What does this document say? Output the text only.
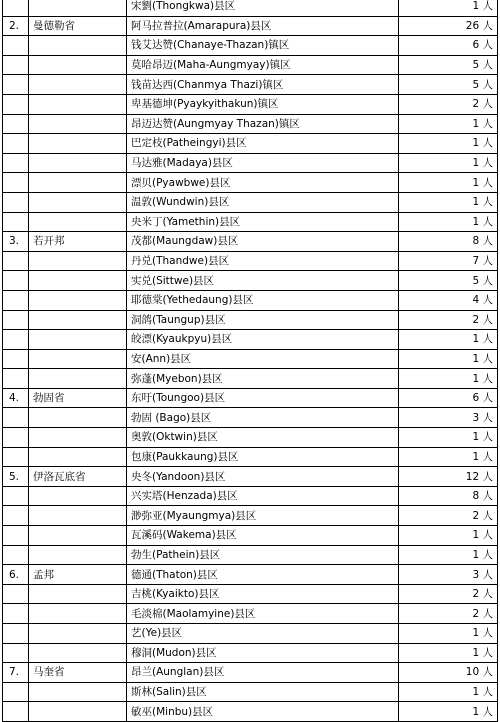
		宋劉(Thongkwa)县区	1 人
2.	曼德勒省	阿马拉普拉(Amarapura)县区	26 人
		钱艾达赞(Chanaye-Thazan)镇区	6 人
		莫哈昂迈(Maha-Aungmyay)镇区	5 人
		钱苗达西(Chanmya Thazi)镇区	5 人
		卑基德坤(Pyaykyithakun)镇区	2 人
		昂迈达赞(Aungmyay Thazan)镇区	1 人
		巴定枝(Patheingyi)县区	1 人
		马达雅(Madaya)县区	1 人
		漂贝(Pyawbwe)县区	1 人
		温敦(Wundwin)县区	1 人
		央米丁(Yamethin)县区	1 人
3.	若开邦	茂都(Maungdaw)县区	8 人
		丹兑(Thandwe)县区	7 人
		实兑(Sittwe)县区	5 人
		耶德棠(Yethedaung)县区	4 人
		洞鸽(Taungup)县区	2 人
		皎漂(Kyaukpyu)县区	1 人
		安(Ann)县区	1 人
		弥蓬(Myebon)县区	1 人
4.	勃固省	东吁(Toungoo)县区	6 人
		勃固 (Bago)县区	3 人
		奥敦(Oktwin)县区	1 人
		包康(Paukkaung)县区	1 人
5.	伊洛瓦底省	央冬(Yandoon)县区	12 人
		兴实塔(Henzada)县区	8 人
		渺弥亚(Myaungmya)县区	2 人
		瓦溪码(Wakema)县区	1 人
		勃生(Pathein)县区	1 人
6.	孟邦	德通(Thaton)县区	3 人
		吉桃(Kyaikto)县区	2 人
		毛淡棉(Maolamyine)县区	2 人
		艺(Ye)县区	1 人
		穆洞(Mudon)县区	1 人
7.	马奎省	昂兰(Aunglan)县区	10 人
		斯林(Salin)县区	1 人
		敏巫(Minbu)县区	1 人
